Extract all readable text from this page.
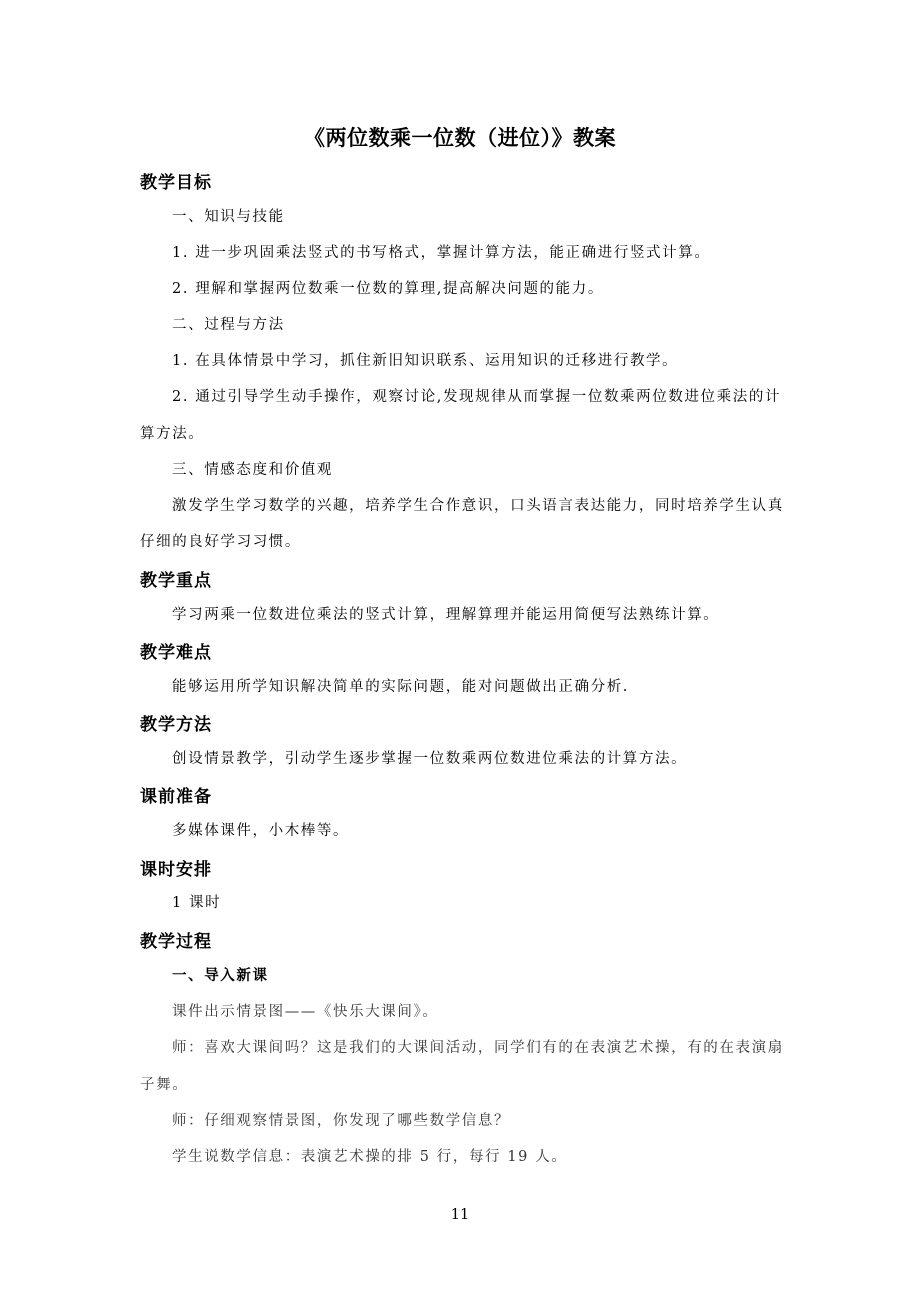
《两位数乘一位数（进位）》教案
教学目标
一、知识与技能
1. 进一步巩固乘法竖式的书写格式，掌握计算方法，能正确进行竖式计算。
2. 理解和掌握两位数乘一位数的算理,提高解决问题的能力。
二、过程与方法
1. 在具体情景中学习，抓住新旧知识联系、运用知识的迁移进行教学。
2. 通过引导学生动手操作，观察讨论,发现规律从而掌握一位数乘两位数进位乘法的计
算方法。
三、情感态度和价值观
激发学生学习数学的兴趣，培养学生合作意识，口头语言表达能力，同时培养学生认真
仔细的良好学习习惯。
教学重点
学习两乘一位数进位乘法的竖式计算，理解算理并能运用简便写法熟练计算。
教学难点
能够运用所学知识解决简单的实际问题，能对问题做出正确分析.
教学方法
创设情景教学，引动学生逐步掌握一位数乘两位数进位乘法的计算方法。
课前准备
多媒体课件，小木棒等。
课时安排
1 课时
教学过程
一、导入新课
课件出示情景图——《快乐大课间》。
师：喜欢大课间吗？这是我们的大课间活动，同学们有的在表演艺术操，有的在表演扇
子舞。
师：仔细观察情景图，你发现了哪些数学信息？
学生说数学信息：表演艺术操的排 5 行，每行 19 人。
11
